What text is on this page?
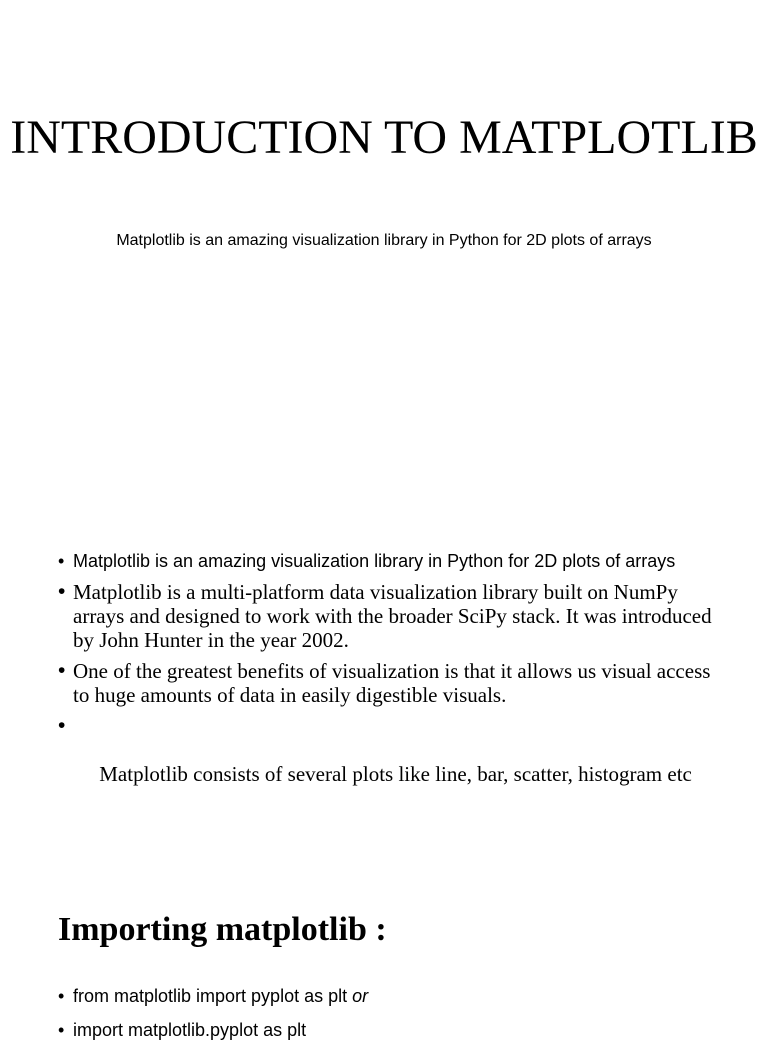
INTRODUCTION TO MATPLOTLIB

Matplotlib is an amazing visualization library in Python for 2D plots of arrays

• Matplotlib is an amazing visualization library in Python for 2D plots of arrays
• Matplotlib is a multi-platform data visualization library built on NumPy arrays and designed to work with the broader SciPy stack. It was introduced by John Hunter in the year 2002.
• One of the greatest benefits of visualization is that it allows us visual access to huge amounts of data in easily digestible visuals.

•

Matplotlib consists of several plots like line, bar, scatter, histogram etc

Importing matplotlib :
• from matplotlib import pyplot as plt or
• import matplotlib.pyplot as plt
